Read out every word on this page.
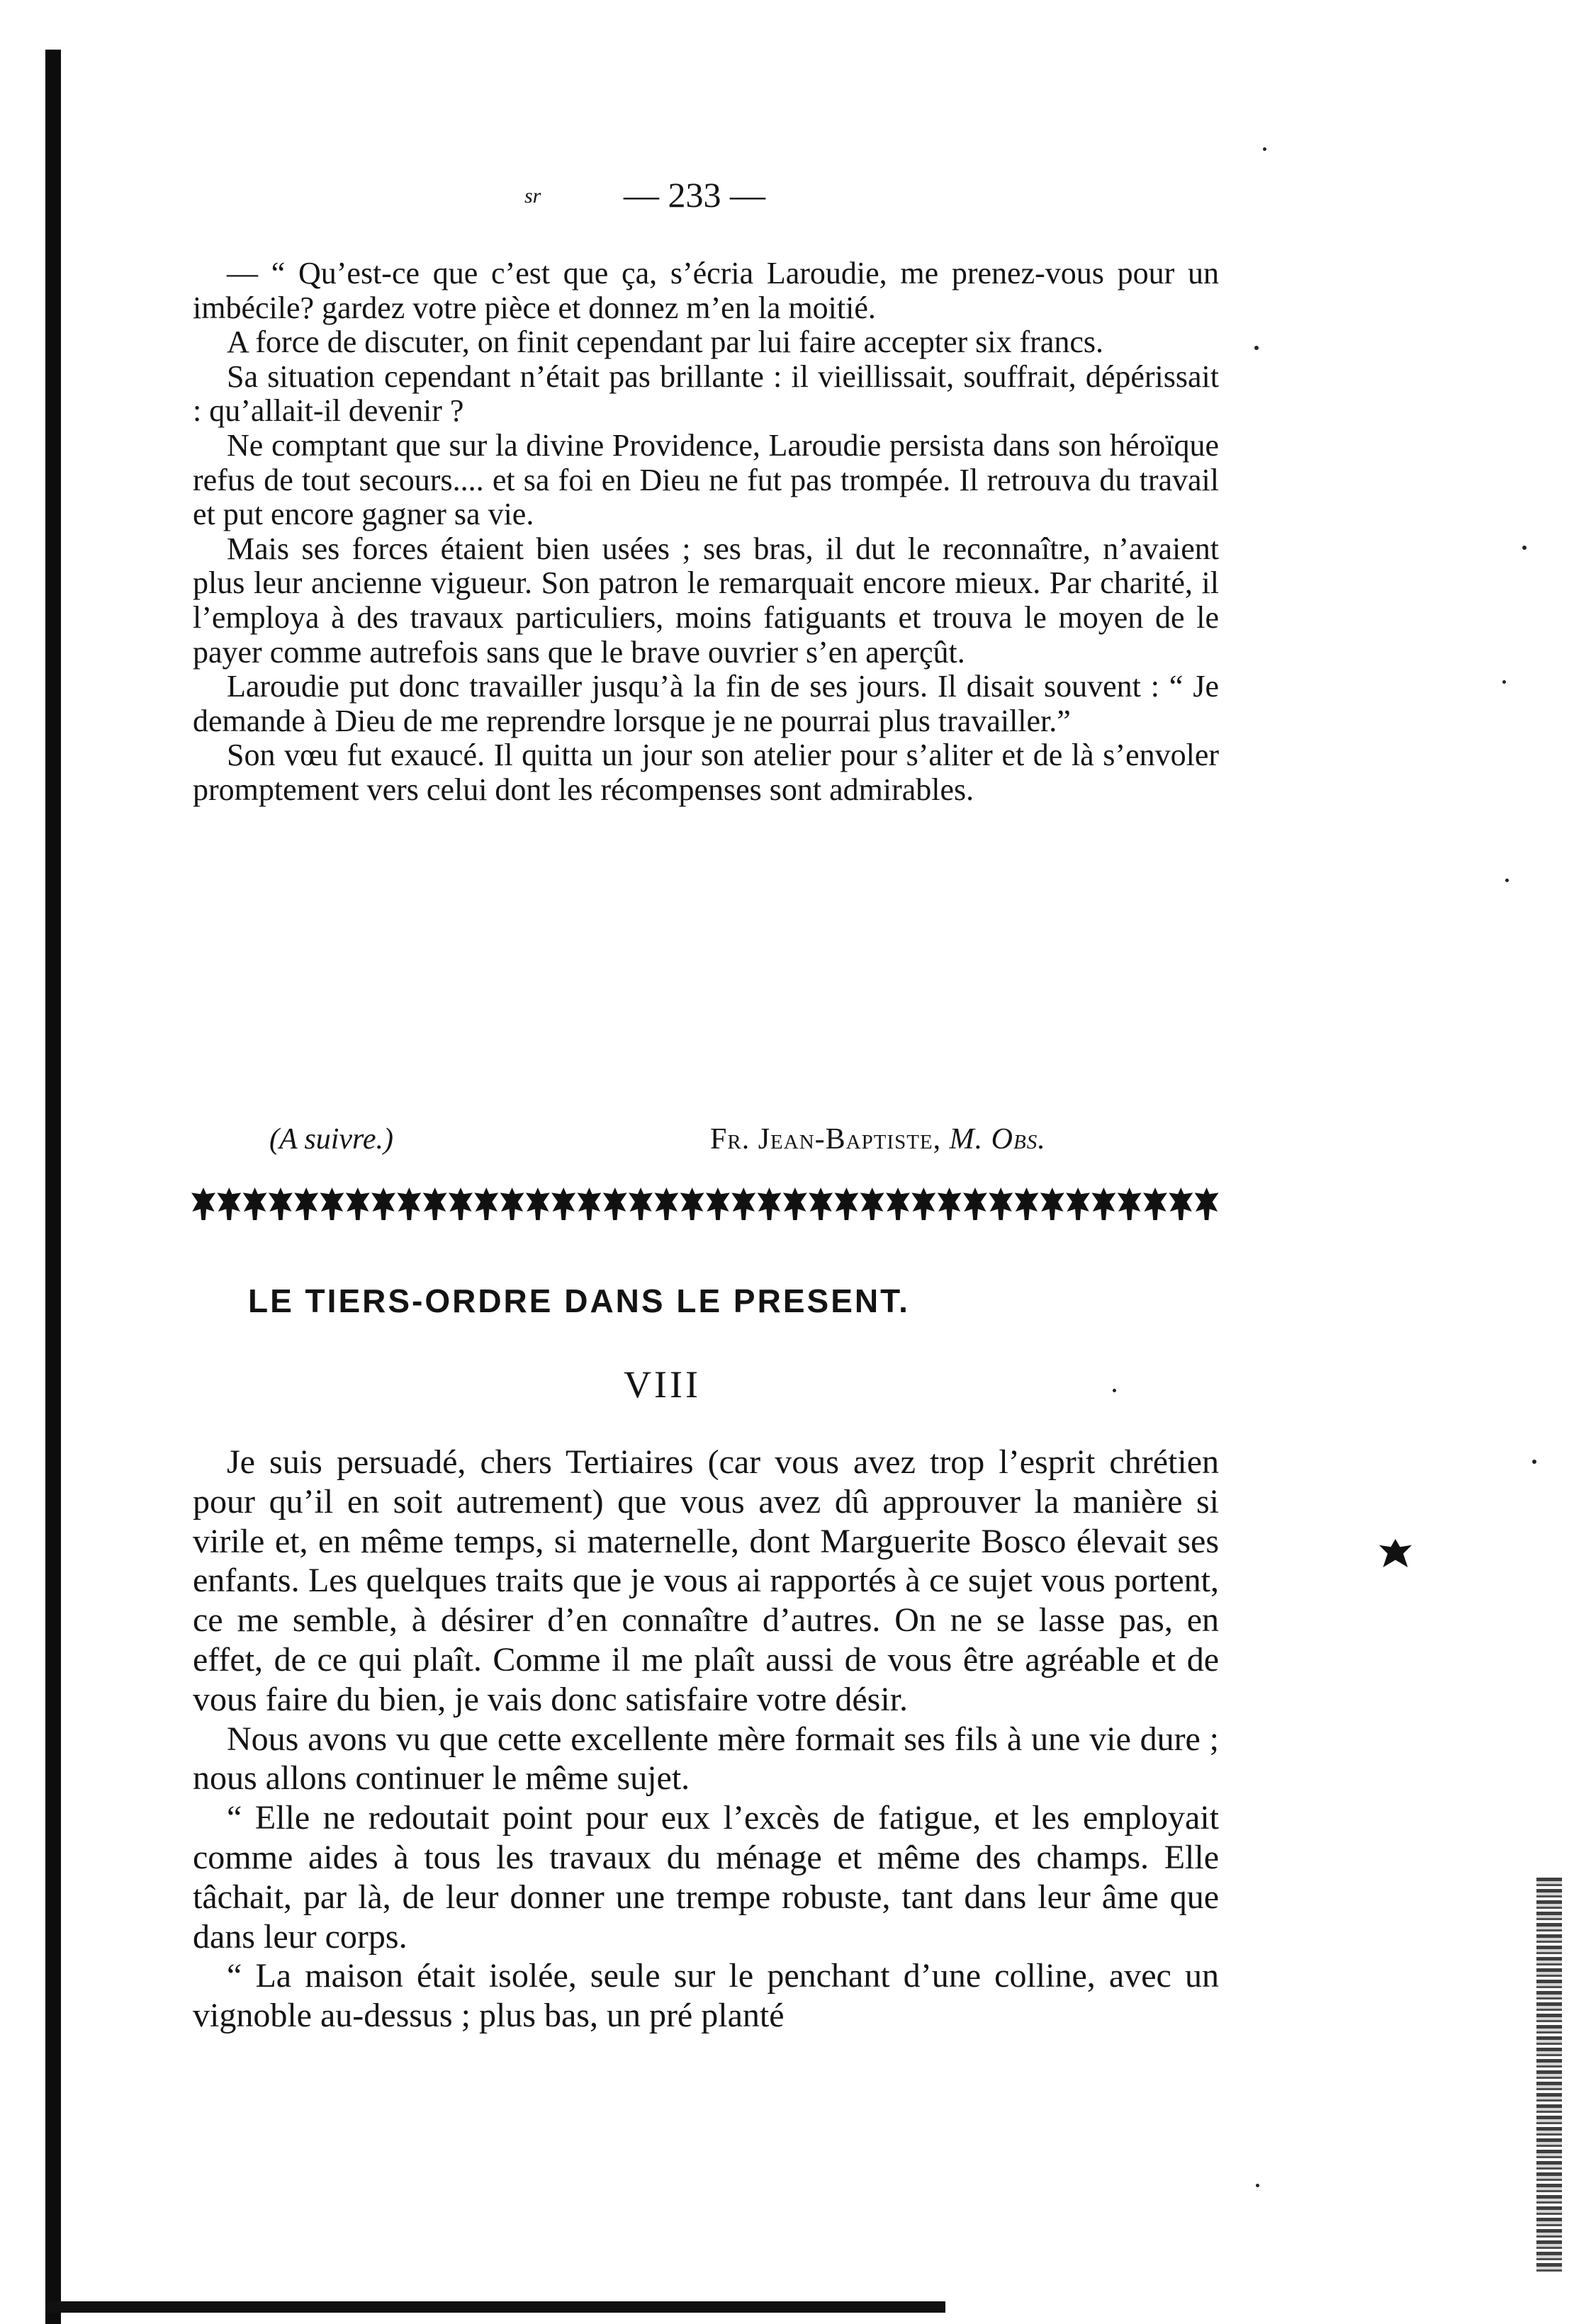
sr — 233 —

— “ Qu’est-ce que c’est que ça, s’écria Laroudie, me prenez-vous pour un imbécile? gardez votre pièce et donnez m’en la moitié.

A force de discuter, on finit cependant par lui faire accepter six francs.

Sa situation cependant n’était pas brillante : il vieillissait, souffrait, dépérissait : qu’allait-il devenir ?

Ne comptant que sur la divine Providence, Laroudie persista dans son héroïque refus de tout secours.... et sa foi en Dieu ne fut pas trompée. Il retrouva du travail et put encore gagner sa vie.

Mais ses forces étaient bien usées ; ses bras, il dut le reconnaître, n’avaient plus leur ancienne vigueur. Son patron le remarquait encore mieux. Par charité, il l’employa à des travaux particuliers, moins fatiguants et trouva le moyen de le payer comme autrefois sans que le brave ouvrier s’en aperçût.

Laroudie put donc travailler jusqu’à la fin de ses jours. Il disait souvent : “ Je demande à Dieu de me reprendre lorsque je ne pourrai plus travailler.”

Son vœu fut exaucé. Il quitta un jour son atelier pour s’aliter et de là s’envoler promptement vers celui dont les récompenses sont admirables.

(A suivre.)	Fr. Jean-Baptiste, M. Obs.
LE TIERS-ORDRE DANS LE PRESENT.
VIII

Je suis persuadé, chers Tertiaires (car vous avez trop l’esprit chrétien pour qu’il en soit autrement) que vous avez dû approuver la manière si virile et, en même temps, si maternelle, dont Marguerite Bosco élevait ses enfants. Les quelques traits que je vous ai rapportés à ce sujet vous portent, ce me semble, à désirer d’en connaître d’autres. On ne se lasse pas, en effet, de ce qui plaît. Comme il me plaît aussi de vous être agréable et de vous faire du bien, je vais donc satisfaire votre désir.

Nous avons vu que cette excellente mère formait ses fils à une vie dure ; nous allons continuer le même sujet.

“ Elle ne redoutait point pour eux l’excès de fatigue, et les employait comme aides à tous les travaux du ménage et même des champs. Elle tâchait, par là, de leur donner une trempe robuste, tant dans leur âme que dans leur corps.

“ La maison était isolée, seule sur le penchant d’une colline, avec un vignoble au-dessus ; plus bas, un pré planté
